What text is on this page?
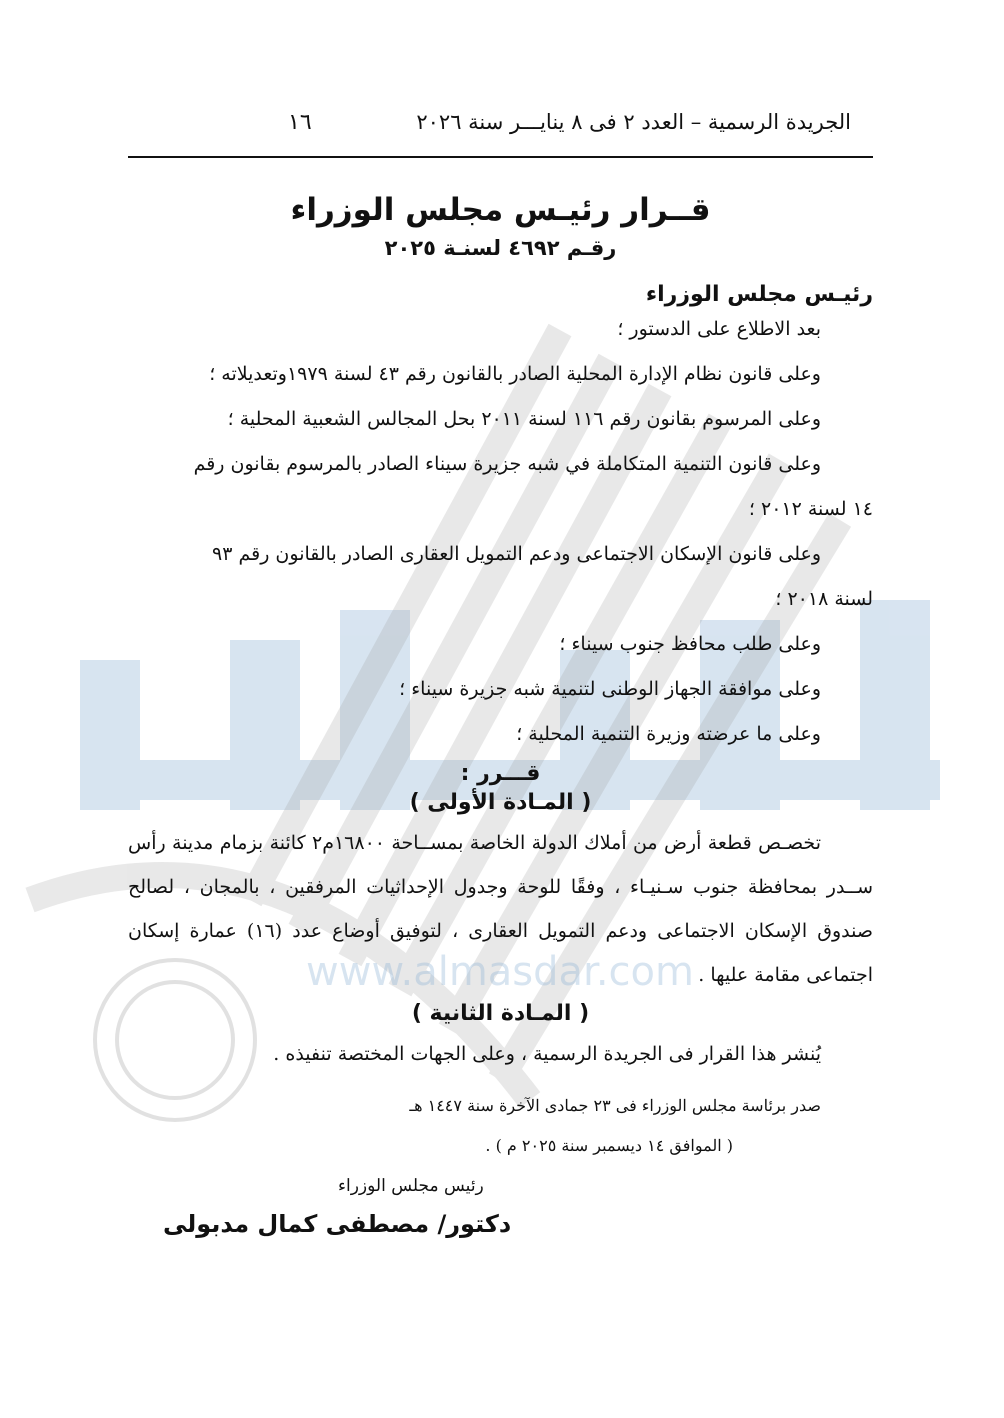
www.almasdar.com
١٦	الجريدة الرسمية – العدد ٢ فى ٨ ينايـــر سنة ٢٠٢٦
قــرار رئيـس مجلس الوزراء
رقـم ٤٦٩٢ لسنـة ٢٠٢٥
رئيـس مجلس الوزراء
بعد الاطلاع على الدستور ؛
وعلى قانون نظام الإدارة المحلية الصادر بالقانون رقم ٤٣ لسنة ١٩٧٩وتعديلاته ؛
وعلى المرسوم بقانون رقم ١١٦ لسنة ٢٠١١ بحل المجالس الشعبية المحلية ؛
وعلى قانون التنمية المتكاملة في شبه جزيرة سيناء الصادر بالمرسوم بقانون رقم
١٤ لسنة ٢٠١٢ ؛
وعلى قانون الإسكان الاجتماعى ودعم التمويل العقارى الصادر بالقانون رقم ٩٣
لسنة ٢٠١٨ ؛
وعلى طلب محافظ جنوب سيناء ؛
وعلى موافقة الجهاز الوطنى لتنمية شبه جزيرة سيناء ؛
وعلى ما عرضته وزيرة التنمية المحلية ؛
قـــرر :
( المـادة الأولى )

تخصـص قطعة أرض من أملاك الدولة الخاصة بمســاحة ١٦٨٠٠م٢ كائنة بزمام مدينة رأس ســدر بمحافظة جنوب سـنيـاء ، وفقًا للوحة وجدول الإحداثيات المرفقين ، بالمجان ، لصالح صندوق الإسكان الاجتماعى ودعم التمويل العقارى ، لتوفيق أوضاع عدد (١٦) عمارة إسكان اجتماعى مقامة عليها .

( المـادة الثانية )

يُنشر هذا القرار فى الجريدة الرسمية ، وعلى الجهات المختصة تنفيذه .

صدر برئاسة مجلس الوزراء فى ٢٣ جمادى الآخرة سنة ١٤٤٧ هـ
( الموافق ١٤ ديسمبر سنة ٢٠٢٥ م ) .
رئيس مجلس الوزراء
دكتور/ مصطفى كمال مدبولى
